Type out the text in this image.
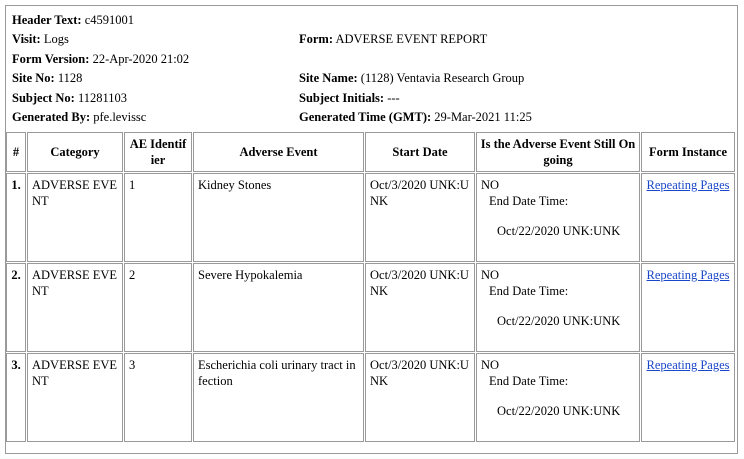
Header Text: c4591001
Visit: Logs	Form: ADVERSE EVENT REPORT
Form Version: 22-Apr-2020 21:02
Site No: 1128	Site Name: (1128) Ventavia Research Group
Subject No: 11281103	Subject Initials: ---
Generated By: pfe.levissc	Generated Time (GMT): 29-Mar-2021 11:25
#	Category	AE Identifier	Adverse Event	Start Date	Is the Adverse Event Still Ongoing	Form Instance
1.	ADVERSE EVENT	1	Kidney Stones	Oct/3/2020 UNK:UNK	NO
End Date Time:
Oct/22/2020 UNK:UNK	Repeating Pages
2.	ADVERSE EVENT	2	Severe Hypokalemia	Oct/3/2020 UNK:UNK	NO
End Date Time:
Oct/22/2020 UNK:UNK	Repeating Pages
3.	ADVERSE EVENT	3	Escherichia coli urinary tract infection	Oct/3/2020 UNK:UNK	NO
End Date Time:
Oct/22/2020 UNK:UNK	Repeating Pages
